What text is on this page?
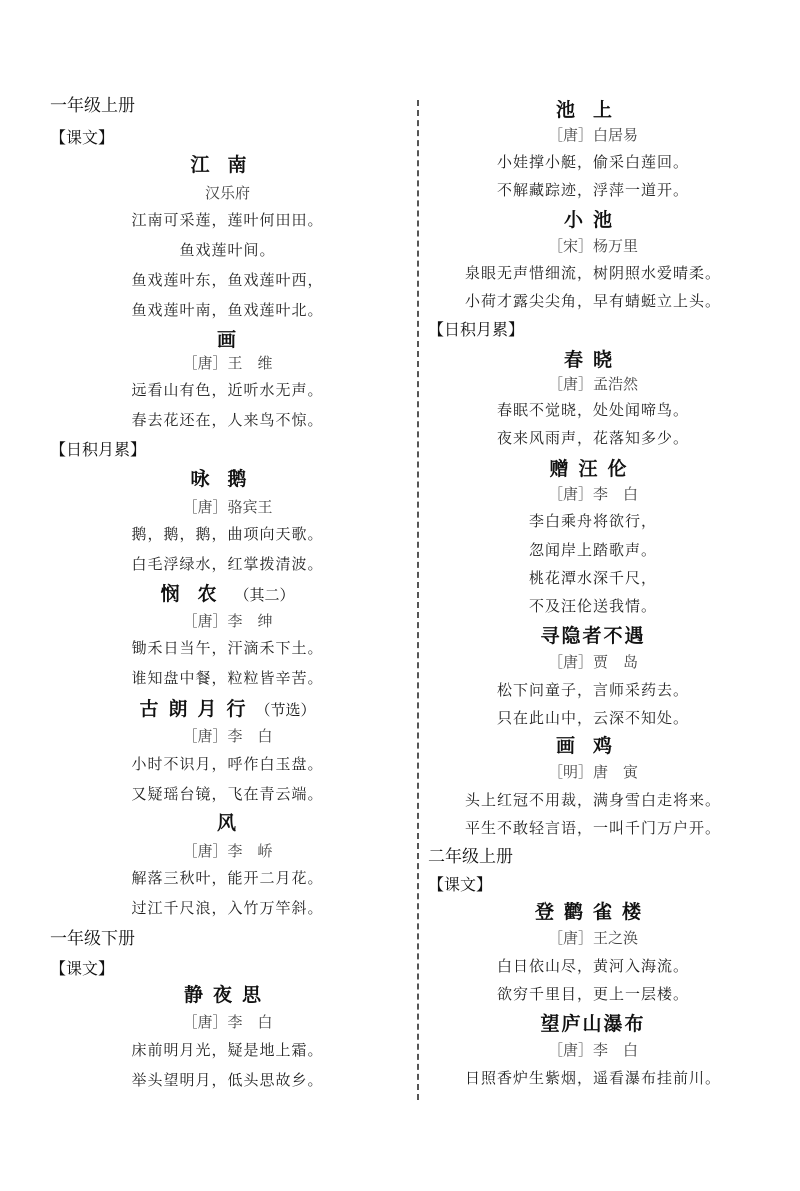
一年级上册
【课文】
江南
汉乐府
江南可采莲，莲叶何田田。
鱼戏莲叶间。
鱼戏莲叶东，鱼戏莲叶西，
鱼戏莲叶南，鱼戏莲叶北。
画
［唐］王　维
远看山有色，近听水无声。
春去花还在，人来鸟不惊。
【日积月累】
咏鹅
［唐］骆宾王
鹅，鹅，鹅，曲项向天歌。
白毛浮绿水，红掌拨清波。
悯农（其二）
［唐］李　绅
锄禾日当午，汗滴禾下土。
谁知盘中餐，粒粒皆辛苦。
古朗月行（节选）
［唐］李　白
小时不识月，呼作白玉盘。
又疑瑶台镜，飞在青云端。
风
［唐］李　峤
解落三秋叶，能开二月花。
过江千尺浪，入竹万竿斜。
一年级下册
【课文】
静夜思
［唐］李　白
床前明月光，疑是地上霜。
举头望明月，低头思故乡。
池上
［唐］白居易
小娃撑小艇，偷采白莲回。
不解藏踪迹，浮萍一道开。
小池
［宋］杨万里
泉眼无声惜细流，树阴照水爱晴柔。
小荷才露尖尖角，早有蜻蜓立上头。
【日积月累】
春晓
［唐］孟浩然
春眠不觉晓，处处闻啼鸟。
夜来风雨声，花落知多少。
赠汪伦
［唐］李　白
李白乘舟将欲行，
忽闻岸上踏歌声。
桃花潭水深千尺，
不及汪伦送我情。
寻隐者不遇
［唐］贾　岛
松下问童子，言师采药去。
只在此山中，云深不知处。
画鸡
［明］唐　寅
头上红冠不用裁，满身雪白走将来。
平生不敢轻言语，一叫千门万户开。
二年级上册
【课文】
登鹳雀楼
［唐］王之涣
白日依山尽，黄河入海流。
欲穷千里目，更上一层楼。
望庐山瀑布
［唐］李　白
日照香炉生紫烟，遥看瀑布挂前川。
